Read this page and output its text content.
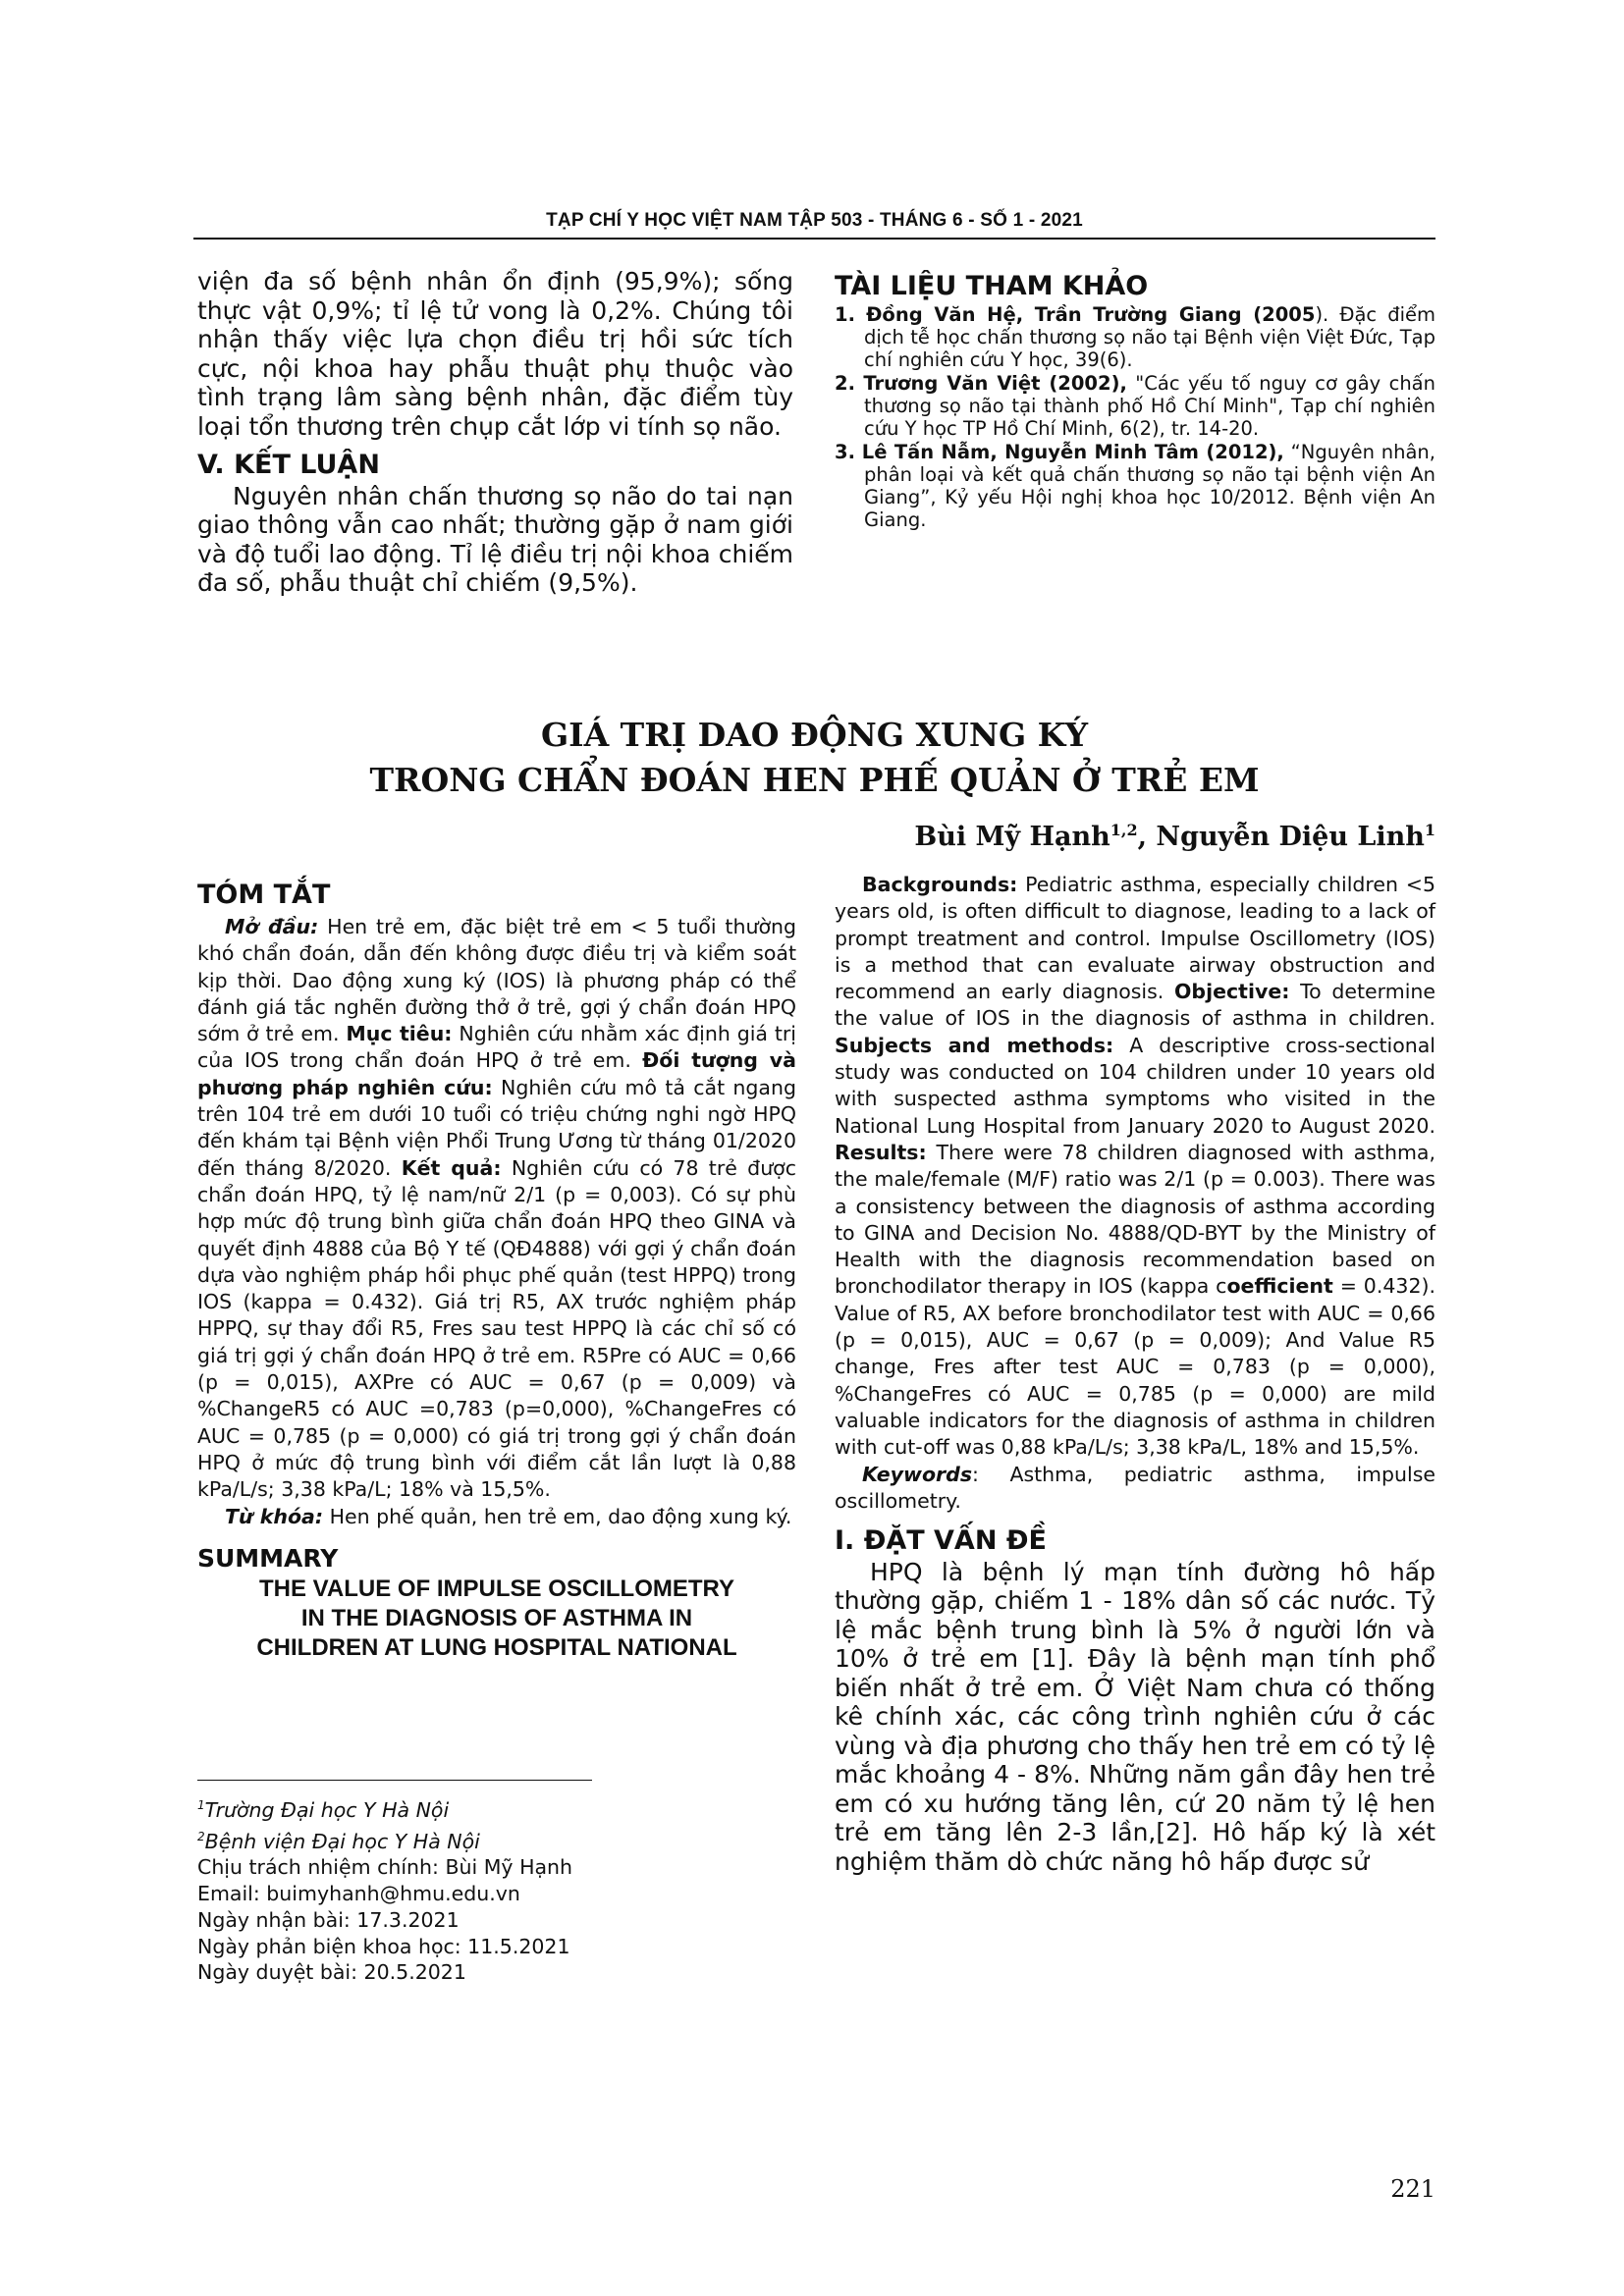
TẠP CHÍ Y HỌC VIỆT NAM TẬP 503 - THÁNG 6 - SỐ 1 - 2021

viện đa số bệnh nhân ổn định (95,9%); sống thực vật 0,9%; tỉ lệ tử vong là 0,2%. Chúng tôi nhận thấy việc lựa chọn điều trị hồi sức tích cực, nội khoa hay phẫu thuật phụ thuộc vào tình trạng lâm sàng bệnh nhân, đặc điểm tùy loại tổn thương trên chụp cắt lớp vi tính sọ não.

V. KẾT LUẬN

Nguyên nhân chấn thương sọ não do tai nạn giao thông vẫn cao nhất; thường gặp ở nam giới và độ tuổi lao động. Tỉ lệ điều trị nội khoa chiếm đa số, phẫu thuật chỉ chiếm (9,5%).

TÀI LIỆU THAM KHẢO

1. Đồng Văn Hệ, Trần Trường Giang (2005). Đặc điểm dịch tễ học chấn thương sọ não tại Bệnh viện Việt Đức, Tạp chí nghiên cứu Y học, 39(6).

2. Trương Văn Việt (2002), "Các yếu tố nguy cơ gây chấn thương sọ não tại thành phố Hồ Chí Minh", Tạp chí nghiên cứu Y học TP Hồ Chí Minh, 6(2), tr. 14-20.

3. Lê Tấn Nẫm, Nguyễn Minh Tâm (2012), “Nguyên nhân, phân loại và kết quả chấn thương sọ não tại bệnh viện An Giang”, Kỷ yếu Hội nghị khoa học 10/2012. Bệnh viện An Giang.

GIÁ TRỊ DAO ĐỘNG XUNG KÝ
TRONG CHẨN ĐOÁN HEN PHẾ QUẢN Ở TRẺ EM
Bùi Mỹ Hạnh$^{1,2}$, Nguyễn Diệu Linh$^1$

TÓM TẮT

Mở đầu: Hen trẻ em, đặc biệt trẻ em < 5 tuổi thường khó chẩn đoán, dẫn đến không được điều trị và kiểm soát kịp thời. Dao động xung ký (IOS) là phương pháp có thể đánh giá tắc nghẽn đường thở ở trẻ, gợi ý chẩn đoán HPQ sớm ở trẻ em. Mục tiêu: Nghiên cứu nhằm xác định giá trị của IOS trong chẩn đoán HPQ ở trẻ em. Đối tượng và phương pháp nghiên cứu: Nghiên cứu mô tả cắt ngang trên 104 trẻ em dưới 10 tuổi có triệu chứng nghi ngờ HPQ đến khám tại Bệnh viện Phổi Trung Ương từ tháng 01/2020 đến tháng 8/2020. Kết quả: Nghiên cứu có 78 trẻ được chẩn đoán HPQ, tỷ lệ nam/nữ 2/1 (p = 0,003). Có sự phù hợp mức độ trung bình giữa chẩn đoán HPQ theo GINA và quyết định 4888 của Bộ Y tế (QĐ4888) với gợi ý chẩn đoán dựa vào nghiệm pháp hồi phục phế quản (test HPPQ) trong IOS (kappa = 0.432). Giá trị R5, AX trước nghiệm pháp HPPQ, sự thay đổi R5, Fres sau test HPPQ là các chỉ số có giá trị gợi ý chẩn đoán HPQ ở trẻ em. R5Pre có AUC = 0,66 (p = 0,015), AXPre có AUC = 0,67 (p = 0,009) và %ChangeR5 có AUC =0,783 (p=0,000), %ChangeFres có AUC = 0,785 (p = 0,000) có giá trị trong gợi ý chẩn đoán HPQ ở mức độ trung bình với điểm cắt lần lượt là 0,88 kPa/L/s; 3,38 kPa/L; 18% và 15,5%.

Từ khóa: Hen phế quản, hen trẻ em, dao động xung ký.

SUMMARY

THE VALUE OF IMPULSE OSCILLOMETRY
IN THE DIAGNOSIS OF ASTHMA IN
CHILDREN AT LUNG HOSPITAL NATIONAL

$^1$Trường Đại học Y Hà Nội

$^2$Bệnh viện Đại học Y Hà Nội

Chịu trách nhiệm chính: Bùi Mỹ Hạnh

Email: buimyhanh@hmu.edu.vn

Ngày nhận bài: 17.3.2021

Ngày phản biện khoa học: 11.5.2021

Ngày duyệt bài: 20.5.2021

Backgrounds: Pediatric asthma, especially children <5 years old, is often difficult to diagnose, leading to a lack of prompt treatment and control. Impulse Oscillometry (IOS) is a method that can evaluate airway obstruction and recommend an early diagnosis. Objective: To determine the value of IOS in the diagnosis of asthma in children. Subjects and methods: A descriptive cross-sectional study was conducted on 104 children under 10 years old with suspected asthma symptoms who visited in the National Lung Hospital from January 2020 to August 2020. Results: There were 78 children diagnosed with asthma, the male/female (M/F) ratio was 2/1 (p = 0.003). There was a consistency between the diagnosis of asthma according to GINA and Decision No. 4888/QD-BYT by the Ministry of Health with the diagnosis recommendation based on bronchodilator therapy in IOS (kappa coefficient = 0.432). Value of R5, AX before bronchodilator test with AUC = 0,66 (p = 0,015), AUC = 0,67 (p = 0,009); And Value R5 change, Fres after test AUC = 0,783 (p = 0,000), %ChangeFres có AUC = 0,785 (p = 0,000) are mild valuable indicators for the diagnosis of asthma in children with cut-off was 0,88 kPa/L/s; 3,38 kPa/L, 18% and 15,5%.

Keywords: Asthma, pediatric asthma, impulse oscillometry.

I. ĐẶT VẤN ĐỀ

HPQ là bệnh lý mạn tính đường hô hấp thường gặp, chiếm 1 - 18% dân số các nước. Tỷ lệ mắc bệnh trung bình là 5% ở người lớn và 10% ở trẻ em [1]. Đây là bệnh mạn tính phổ biến nhất ở trẻ em. Ở Việt Nam chưa có thống kê chính xác, các công trình nghiên cứu ở các vùng và địa phương cho thấy hen trẻ em có tỷ lệ mắc khoảng 4 - 8%. Những năm gần đây hen trẻ em có xu hướng tăng lên, cứ 20 năm tỷ lệ hen trẻ em tăng lên 2-3 lần,[2]. Hô hấp ký là xét nghiệm thăm dò chức năng hô hấp được sử

221
